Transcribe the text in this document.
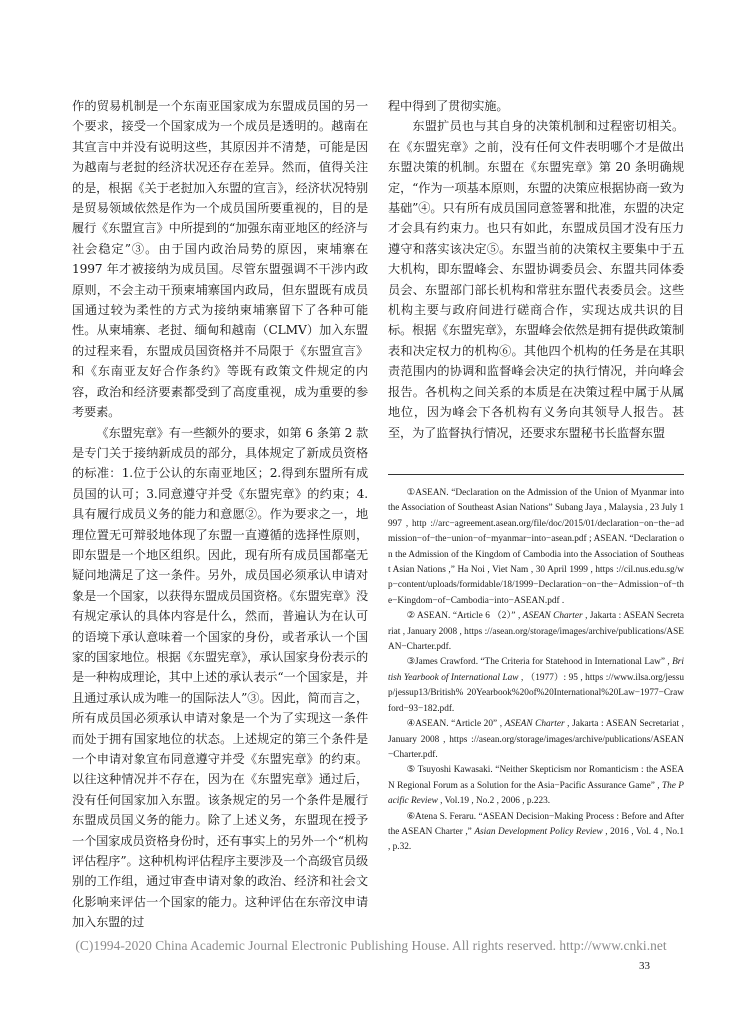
作的贸易机制是一个东南亚国家成为东盟成员国的另一个要求，接受一个国家成为一个成员是透明的。越南在其宣言中并没有说明这些，其原因并不清楚，可能是因为越南与老挝的经济状况还存在差异。然而，值得关注的是，根据《关于老挝加入东盟的宣言》，经济状况特别是贸易领域依然是作为一个成员国所要重视的，目的是履行《东盟宣言》中所提到的“加强东南亚地区的经济与社会稳定”③。由于国内政治局势的原因，柬埔寨在 1997 年才被接纳为成员国。尽管东盟强调不干涉内政原则，不会主动干预柬埔寨国内政局，但东盟既有成员国通过较为柔性的方式为接纳柬埔寨留下了各种可能性。从柬埔寨、老挝、缅甸和越南（CLMV）加入东盟的过程来看，东盟成员国资格并不局限于《东盟宣言》和《东南亚友好合作条约》等既有政策文件规定的内容，政治和经济要素都受到了高度重视，成为重要的参考要素。

《东盟宪章》有一些额外的要求，如第 6 条第 2 款是专门关于接纳新成员的部分，具体规定了新成员资格的标准：1.位于公认的东南亚地区；2.得到东盟所有成员国的认可；3.同意遵守并受《东盟宪章》的约束；4.具有履行成员义务的能力和意愿②。作为要求之一，地理位置无可辩驳地体现了东盟一直遵循的选择性原则，即东盟是一个地区组织。因此，现有所有成员国都毫无疑问地满足了这一条件。另外，成员国必须承认申请对象是一个国家，以获得东盟成员国资格。《东盟宪章》没有规定承认的具体内容是什么，然而，普遍认为在认可的语境下承认意味着一个国家的身份，或者承认一个国家的国家地位。根据《东盟宪章》，承认国家身份表示的是一种构成理论，其中上述的承认表示“一个国家是，并且通过承认成为唯一的国际法人”③。因此，简而言之，所有成员国必须承认申请对象是一个为了实现这一条件而处于拥有国家地位的状态。上述规定的第三个条件是一个申请对象宣布同意遵守并受《东盟宪章》的约束。以往这种情况并不存在，因为在《东盟宪章》通过后，没有任何国家加入东盟。该条规定的另一个条件是履行东盟成员国义务的能力。除了上述义务，东盟现在授予一个国家成员资格身份时，还有事实上的另外一个“机构评估程序”。这种机构评估程序主要涉及一个高级官员级别的工作组，通过审查申请对象的政治、经济和社会文化影响来评估一个国家的能力。这种评估在东帝汶申请加入东盟的过

程中得到了贯彻实施。

东盟扩员也与其自身的决策机制和过程密切相关。在《东盟宪章》之前，没有任何文件表明哪个才是做出东盟决策的机制。东盟在《东盟宪章》第 20 条明确规定，“作为一项基本原则，东盟的决策应根据协商一致为基础”④。只有所有成员国同意签署和批准，东盟的决定才会具有约束力。也只有如此，东盟成员国才没有压力遵守和落实该决定⑤。东盟当前的决策权主要集中于五大机构，即东盟峰会、东盟协调委员会、东盟共同体委员会、东盟部门部长机构和常驻东盟代表委员会。这些机构主要与政府间进行磋商合作，实现达成共识的目标。根据《东盟宪章》，东盟峰会依然是拥有提供政策制表和决定权力的机构⑥。其他四个机构的任务是在其职责范围内的协调和监督峰会决定的执行情况，并向峰会报告。各机构之间关系的本质是在决策过程中属于从属地位，因为峰会下各机构有义务向其领导人报告。甚至，为了监督执行情况，还要求东盟秘书长监督东盟

①ASEAN. “Declaration on the Admission of the Union of Myanmar into the Association of Southeast Asian Nations” Subang Jaya , Malaysia , 23 July 1997 , http ://arc−agreement.asean.org/file/doc/2015/01/declaration−on−the−admission−of−the−union−of−myanmar−into−asean.pdf ; ASEAN. “Declaration on the Admission of the Kingdom of Cambodia into the Association of Southeast Asian Nations ,” Ha Noi , Viet Nam , 30 April 1999 , https ://cil.nus.edu.sg/wp−content/uploads/formidable/18/1999−Declaration−on−the−Admission−of−the−Kingdom−of−Cambodia−into−ASEAN.pdf .

② ASEAN. “Article 6 （2）” , ASEAN Charter , Jakarta : ASEAN Secretariat , January 2008 , https ://asean.org/storage/images/archive/publications/ASEAN−Charter.pdf.

③James Crawford. “The Criteria for Statehood in International Law” , British Yearbook of International Law , （1977）: 95 , https ://www.ilsa.org/jessup/jessup13/British% 20Yearbook%20of%20International%20Law−1977−Crawford−93−182.pdf.

④ASEAN. “Article 20” , ASEAN Charter , Jakarta : ASEAN Secretariat , January 2008 , https ://asean.org/storage/images/archive/publications/ASEAN−Charter.pdf.

⑤ Tsuyoshi Kawasaki. “Neither Skepticism nor Romanticism : the ASEAN Regional Forum as a Solution for the Asia−Pacific Assurance Game” , The Pacific Review , Vol.19 , No.2 , 2006 , p.223.

⑥Atena S. Feraru. “ASEAN Decision−Making Process : Before and After the ASEAN Charter ,” Asian Development Policy Review , 2016 , Vol. 4 , No.1 , p.32.

(C)1994-2020 China Academic Journal Electronic Publishing House. All rights reserved. http://www.cnki.net
33
